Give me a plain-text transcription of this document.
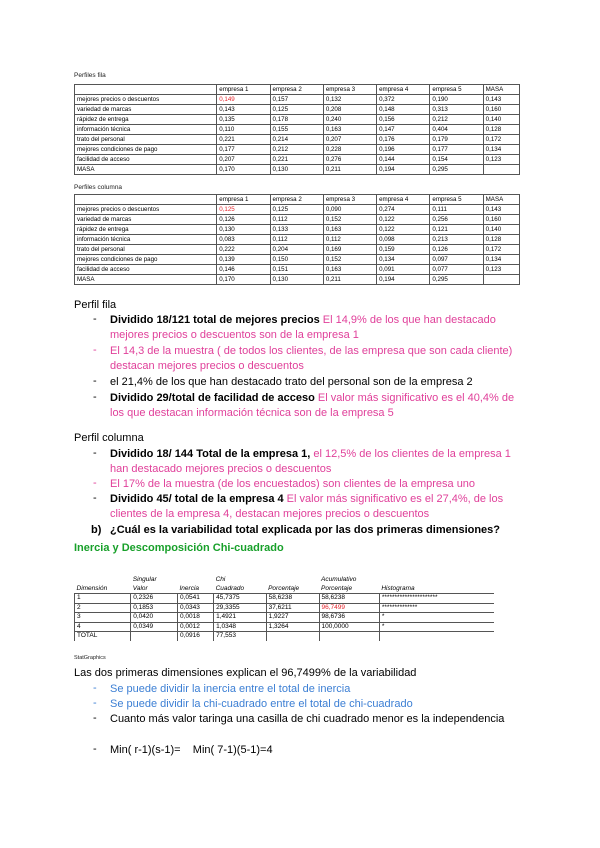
Perfiles fila
	empresa 1	empresa 2	empresa 3	empresa 4	empresa 5	MASA
mejores precios o descuentos	0,149	0,157	0,132	0,372	0,190	0,143
variedad de marcas	0,143	0,125	0,208	0,148	0,313	0,160
rápidez de entrega	0,135	0,178	0,240	0,156	0,212	0,140
información técnica	0,110	0,155	0,163	0,147	0,404	0,128
trato del personal	0,221	0,214	0,207	0,176	0,179	0,172
mejores condiciones de pago	0,177	0,212	0,228	0,196	0,177	0,134
facilidad de acceso	0,207	0,221	0,276	0,144	0,154	0,123
MASA	0,170	0,130	0,211	0,194	0,295	
Perfiles columna
	empresa 1	empresa 2	empresa 3	empresa 4	empresa 5	MASA
mejores precios o descuentos	0,125	0,125	0,090	0,274	0,111	0,143
variedad de marcas	0,126	0,112	0,152	0,122	0,256	0,160
rápidez de entrega	0,130	0,133	0,163	0,122	0,121	0,140
información técnica	0,083	0,112	0,112	0,098	0,213	0,128
trato del personal	0,222	0,204	0,169	0,159	0,126	0,172
mejores condiciones de pago	0,139	0,150	0,152	0,134	0,097	0,134
facilidad de acceso	0,146	0,151	0,163	0,091	0,077	0,123
MASA	0,170	0,130	0,211	0,194	0,295	
Perfil fila
- Dividido 18/121 total de mejores precios El 14,9% de los que han destacado mejores precios o descuentos son de la empresa 1
- El 14,3 de la muestra ( de todos los clientes, de las empresa que son cada cliente) destacan mejores precios o descuentos
- el 21,4% de los que han destacado trato del personal son de la empresa 2
- Dividido 29/total de facilidad de acceso El valor más significativo es el 40,4% de los que destacan información técnica son de la empresa 5
Perfil columna
- Dividido 18/ 144 Total de la empresa 1, el 12,5% de los clientes de la empresa 1 han destacado mejores precios o descuentos
- El 17% de la muestra (de los encuestados) son clientes de la empresa uno
- Dividido 45/ total de la empresa 4 El valor más significativo es el 27,4%, de los clientes de la empresa 4, destacan mejores precios o descuentos
b) ¿Cuál es la variabilidad total explicada por las dos primeras dimensiones?
Inercia y Descomposición Chi-cuadrado
	Singular		Chi		Acumulativo	
Dimensión	Valor	Inercia	Cuadrado	Porcentaje	Porcentaje	Histograma
1	0,2326	0,0541	45,7375	58,6238	58,6238	**********************
2	0,1853	0,0343	29,3355	37,6211	96,7499	**************
3	0,0420	0,0018	1,4921	1,9227	98,6736	*
4	0,0349	0,0012	1,0348	1,3264	100,0000	*
TOTAL		0,0916	77,553			
StatGraphics
Las dos primeras dimensiones explican el 96,7499% de la variabilidad
- Se puede dividir la inercia entre el total de inercia
- Se puede dividir la chi-cuadrado entre el total de chi-cuadrado
- Cuanto más valor taringa una casilla de chi cuadrado menor es la independencia
- Min( r-1)(s-1)=    Min( 7-1)(5-1)=4
